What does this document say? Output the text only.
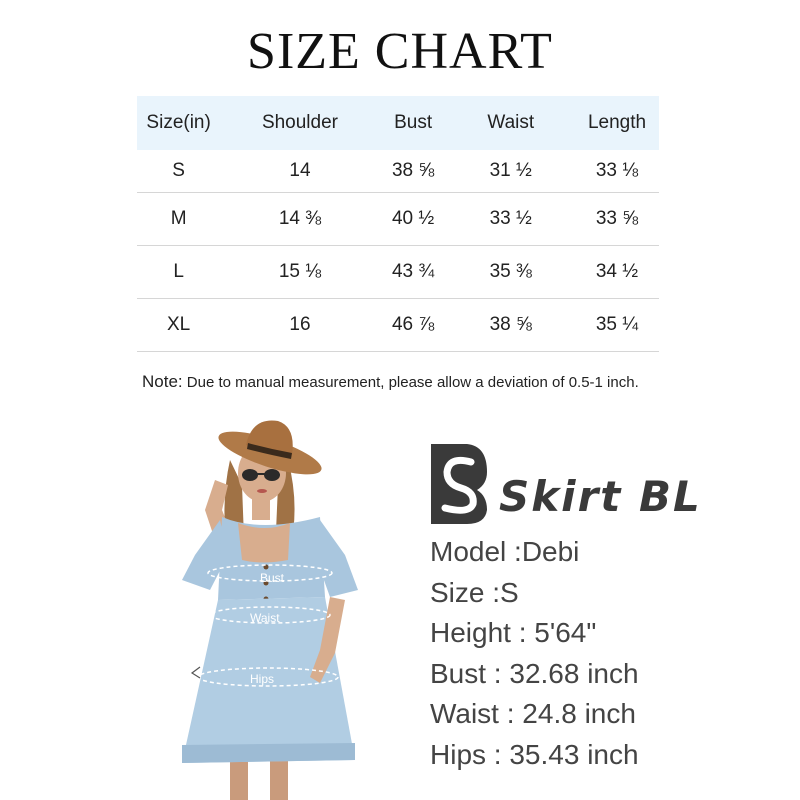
SIZE CHART
Size(in)	Shoulder	Bust	Waist	Length
S	14	38 ⅝	31 ½	33 ⅛
M	14 ⅜	40 ½	33 ½	33 ⅝
L	15 ⅛	43 ¾	35 ⅜	34 ½
XL	16	46 ⅞	38 ⅝	35 ¼
Note: Due to manual measurement, please allow a deviation of 0.5-1 inch.
Bust
Waist
Hips
Skirt BL
Model :Debi
Size :S
Height : 5'64"
Bust : 32.68 inch
Waist : 24.8 inch
Hips : 35.43 inch
